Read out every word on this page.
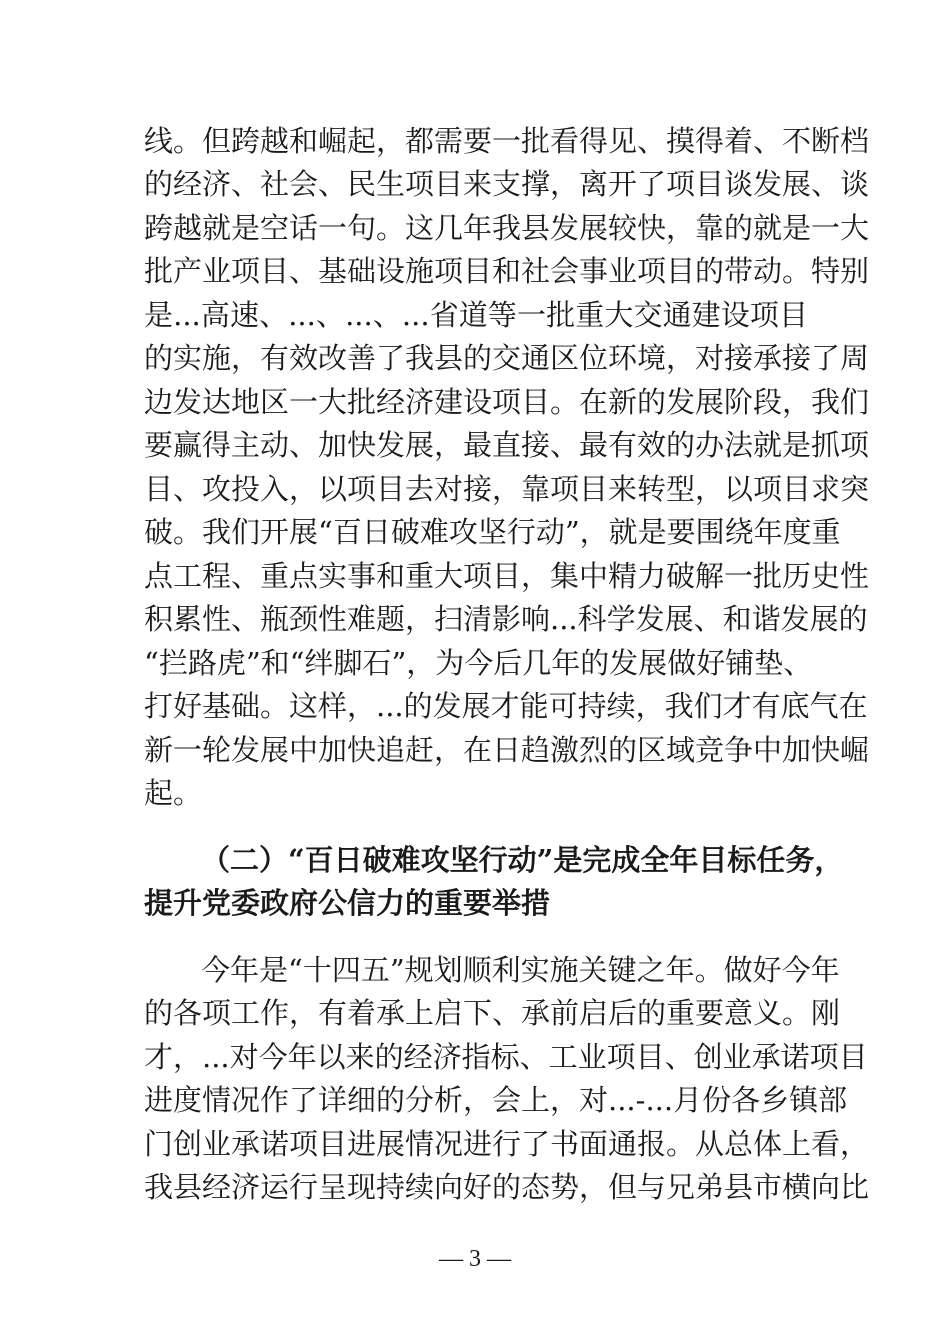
线。但跨越和崛起，都需要一批看得见、摸得着、不断档
的经济、社会、民生项目来支撑，离开了项目谈发展、谈
跨越就是空话一句。这几年我县发展较快，靠的就是一大
批产业项目、基础设施项目和社会事业项目的带动。特别
是...高速、...、...、...省道等一批重大交通建设项目
的实施，有效改善了我县的交通区位环境，对接承接了周
边发达地区一大批经济建设项目。在新的发展阶段，我们
要赢得主动、加快发展，最直接、最有效的办法就是抓项
目、攻投入，以项目去对接，靠项目来转型，以项目求突
破。我们开展“百日破难攻坚行动”，就是要围绕年度重
点工程、重点实事和重大项目，集中精力破解一批历史性
积累性、瓶颈性难题，扫清影响...科学发展、和谐发展的
“拦路虎”和“绊脚石”，为今后几年的发展做好铺垫、
打好基础。这样，...的发展才能可持续，我们才有底气在
新一轮发展中加快追赶，在日趋激烈的区域竞争中加快崛
起。
（二）“百日破难攻坚行动”是完成全年目标任务，
提升党委政府公信力的重要举措
今年是“十四五”规划顺利实施关键之年。做好今年
的各项工作，有着承上启下、承前启后的重要意义。刚
才，...对今年以来的经济指标、工业项目、创业承诺项目
进度情况作了详细的分析，会上，对...-...月份各乡镇部
门创业承诺项目进展情况进行了书面通报。从总体上看，
我县经济运行呈现持续向好的态势，但与兄弟县市横向比
— 3 —
